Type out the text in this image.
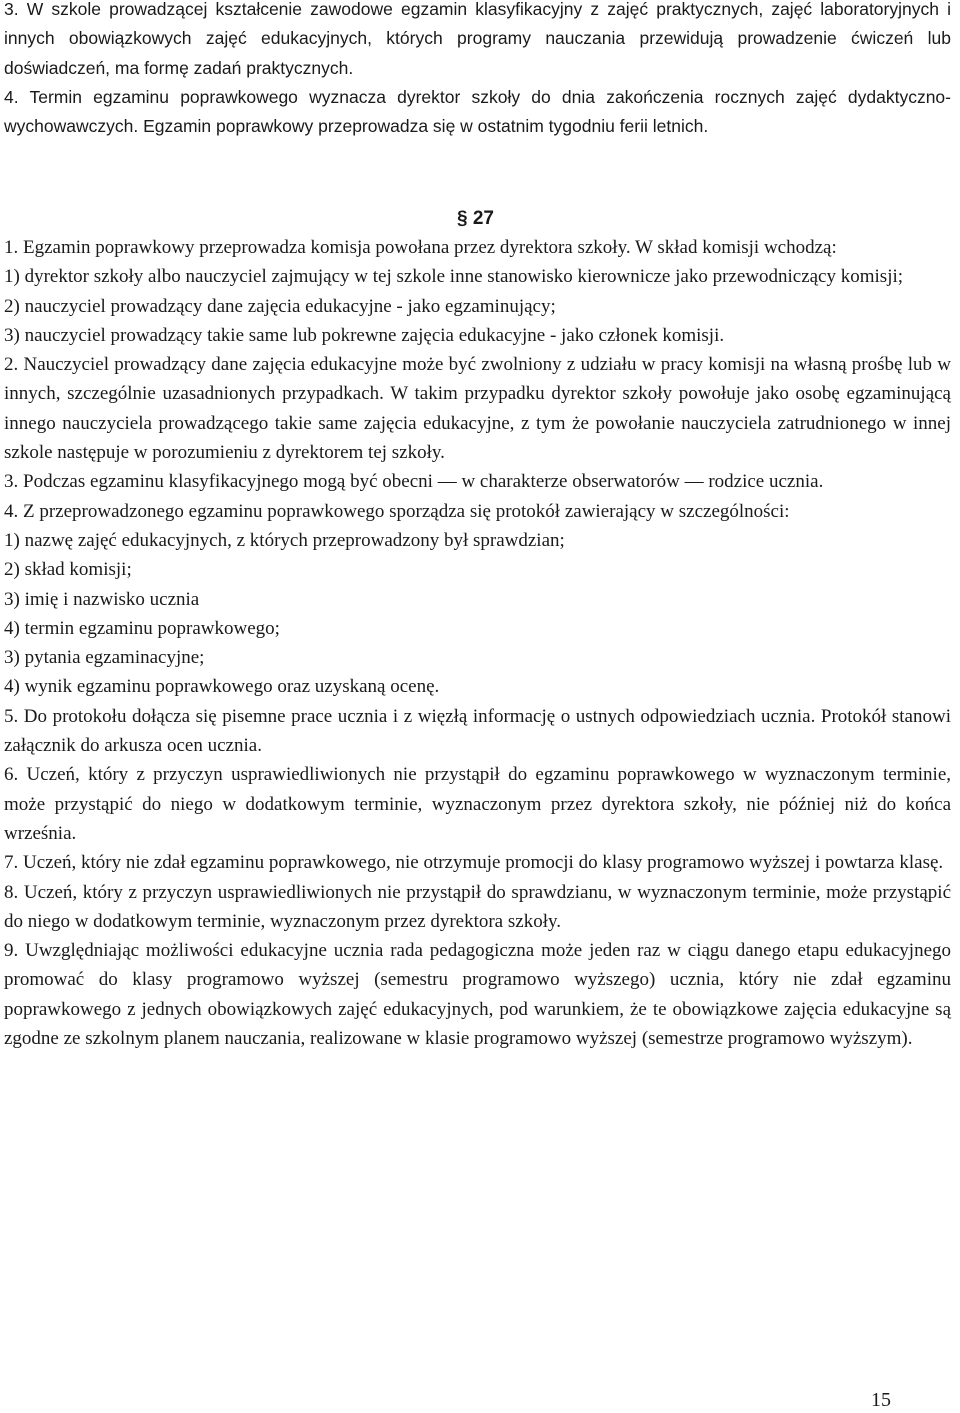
3. W szkole prowadzącej kształcenie zawodowe egzamin klasyfikacyjny z zajęć praktycznych, zajęć laboratoryjnych i innych obowiązkowych zajęć edukacyjnych, których programy nauczania przewidują prowadzenie ćwiczeń lub doświadczeń, ma formę zadań praktycznych.

4. Termin egzaminu poprawkowego wyznacza dyrektor szkoły do dnia zakończenia rocznych zajęć dydaktyczno-wychowawczych. Egzamin poprawkowy przeprowadza się w ostatnim tygodniu ferii letnich.

§ 27

1. Egzamin poprawkowy przeprowadza komisja powołana przez dyrektora szkoły. W skład komisji wchodzą:

1) dyrektor szkoły albo nauczyciel zajmujący w tej szkole inne stanowisko kierownicze jako przewodniczący komisji;

2) nauczyciel prowadzący dane zajęcia edukacyjne - jako egzaminujący;

3) nauczyciel prowadzący takie same lub pokrewne zajęcia edukacyjne - jako członek komisji.

2. Nauczyciel prowadzący dane zajęcia edukacyjne może być zwolniony z udziału w pracy komisji na własną prośbę lub w innych, szczególnie uzasadnionych przypadkach. W takim przypadku dyrektor szkoły powołuje jako osobę egzaminującą innego nauczyciela prowadzącego takie same zajęcia edukacyjne, z tym że powołanie nauczyciela zatrudnionego w innej szkole następuje w porozumieniu z dyrektorem tej szkoły.

3. Podczas egzaminu klasyfikacyjnego mogą być obecni — w charakterze obserwatorów — rodzice ucznia.

4. Z przeprowadzonego egzaminu poprawkowego sporządza się protokół zawierający w szczególności:

1) nazwę zajęć edukacyjnych, z których przeprowadzony był sprawdzian;

2) skład komisji;

3) imię i nazwisko ucznia

4) termin egzaminu poprawkowego;

3) pytania egzaminacyjne;

4) wynik egzaminu poprawkowego oraz uzyskaną ocenę.

5. Do protokołu dołącza się pisemne prace ucznia i z więzłą informację o ustnych odpowiedziach ucznia. Protokół stanowi załącznik do arkusza ocen ucznia.

6. Uczeń, który z przyczyn usprawiedliwionych nie przystąpił do egzaminu poprawkowego w wyznaczonym terminie, może przystąpić do niego w dodatkowym terminie, wyznaczonym przez dyrektora szkoły, nie później niż do końca września.

7. Uczeń, który nie zdał egzaminu poprawkowego, nie otrzymuje promocji do klasy programowo wyższej i powtarza klasę.

8. Uczeń, który z przyczyn usprawiedliwionych nie przystąpił do sprawdzianu, w wyznaczonym terminie, może przystąpić do niego w dodatkowym terminie, wyznaczonym przez dyrektora szkoły.

9. Uwzględniając możliwości edukacyjne ucznia rada pedagogiczna może jeden raz w ciągu danego etapu edukacyjnego promować do klasy programowo wyższej (semestru programowo wyższego) ucznia, który nie zdał egzaminu poprawkowego z jednych obowiązkowych zajęć edukacyjnych, pod warunkiem, że te obowiązkowe zajęcia edukacyjne są zgodne ze szkolnym planem nauczania, realizowane w klasie programowo wyższej (semestrze programowo wyższym).

15
